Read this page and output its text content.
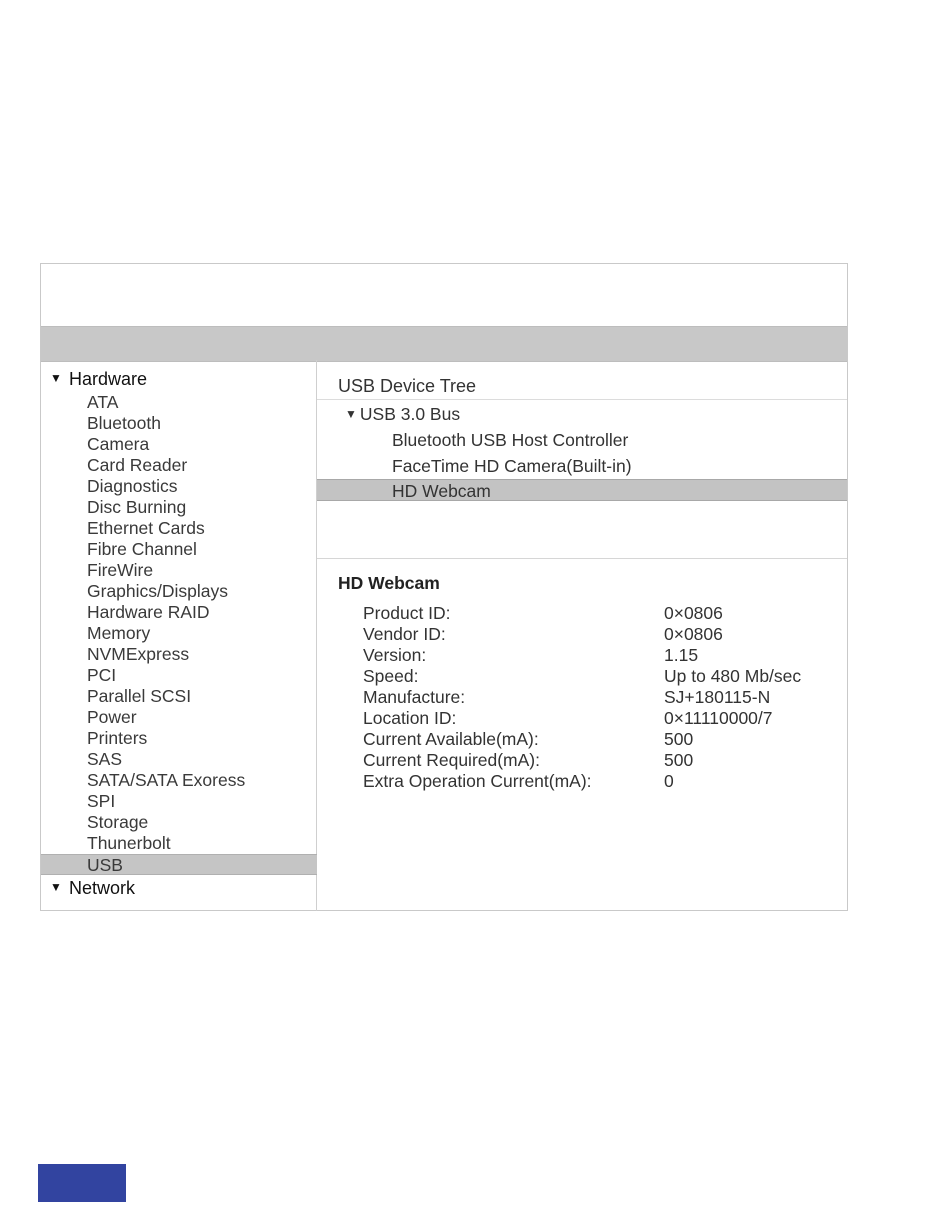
▼ Hardware
ATA
Bluetooth
Camera
Card Reader
Diagnostics
Disc Burning
Ethernet Cards
Fibre Channel
FireWire
Graphics/Displays
Hardware RAID
Memory
NVMExpress
PCI
Parallel SCSI
Power
Printers
SAS
SATA/SATA Exoress
SPI
Storage
Thunerbolt
USB
▼ Network
USB Device Tree
▼ USB 3.0 Bus
Bluetooth USB Host Controller
FaceTime HD Camera(Built-in)
HD Webcam
HD Webcam
Product ID:	0×0806
Vendor ID:	0×0806
Version:	1.15
Speed:	Up to 480 Mb/sec
Manufacture:	SJ+180115-N
Location ID:	0×11110000/7
Current Available(mA):	500
Current Required(mA):	500
Extra Operation Current(mA):	0
